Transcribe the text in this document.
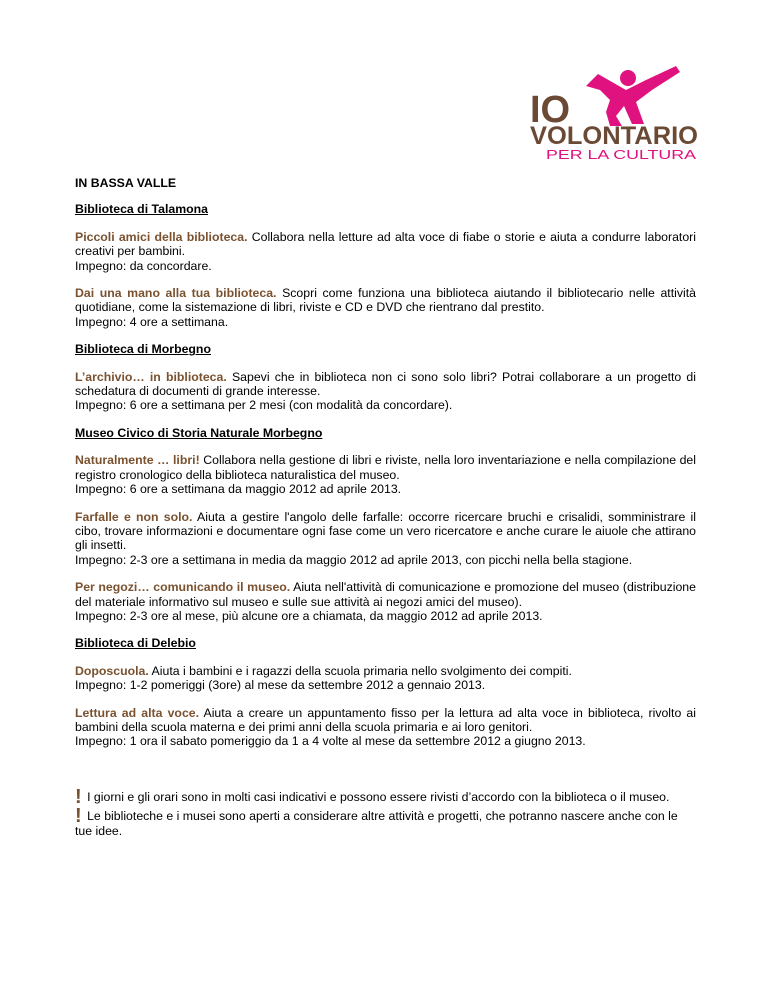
IO
VOLONTARIO
PER LA CULTURA
IN BASSA VALLE
Biblioteca di Talamona
Piccoli amici della biblioteca. Collabora nella letture ad alta voce di fiabe o storie e aiuta a condurre laboratori creativi per bambini.
Impegno: da concordare.
Dai una mano alla tua biblioteca. Scopri come funziona una biblioteca aiutando il bibliotecario nelle attività quotidiane, come la sistemazione di libri, riviste e CD e DVD che rientrano dal prestito.
Impegno: 4 ore a settimana.
Biblioteca di Morbegno
L’archivio… in biblioteca. Sapevi che in biblioteca non ci sono solo libri? Potrai collaborare a un progetto di schedatura di documenti di grande interesse.
Impegno: 6 ore a settimana per 2 mesi (con modalità da concordare).
Museo Civico di Storia Naturale Morbegno
Naturalmente … libri! Collabora nella gestione di libri e riviste, nella loro inventariazione e nella compilazione del registro cronologico della biblioteca naturalistica del museo.
Impegno: 6 ore a settimana da maggio 2012 ad aprile 2013.
Farfalle e non solo. Aiuta a gestire l'angolo delle farfalle: occorre ricercare bruchi e crisalidi, somministrare il cibo, trovare informazioni e documentare ogni fase come un vero ricercatore e anche curare le aiuole che attirano gli insetti.
Impegno: 2-3 ore a settimana in media da maggio 2012 ad aprile 2013, con picchi nella bella stagione.
Per negozi… comunicando il museo. Aiuta nell'attività di comunicazione e promozione del museo (distribuzione del materiale informativo sul museo e sulle sue attività ai negozi amici del museo).
Impegno: 2-3 ore al mese, più alcune ore a chiamata, da maggio 2012 ad aprile 2013.
Biblioteca di Delebio
Doposcuola. Aiuta i bambini e i ragazzi della scuola primaria nello svolgimento dei compiti.
Impegno: 1-2 pomeriggi (3ore) al mese da settembre 2012 a gennaio 2013.
Lettura ad alta voce. Aiuta a creare un appuntamento fisso per la lettura ad alta voce in biblioteca, rivolto ai bambini della scuola materna e dei primi anni della scuola primaria e ai loro genitori.
Impegno: 1 ora il sabato pomeriggio da 1 a 4 volte al mese da settembre 2012 a giugno 2013.
! I giorni e gli orari sono in molti casi indicativi e possono essere rivisti d’accordo con la biblioteca o il museo.
! Le biblioteche e i musei sono aperti a considerare altre attività e progetti, che potranno nascere anche con le tue idee.
